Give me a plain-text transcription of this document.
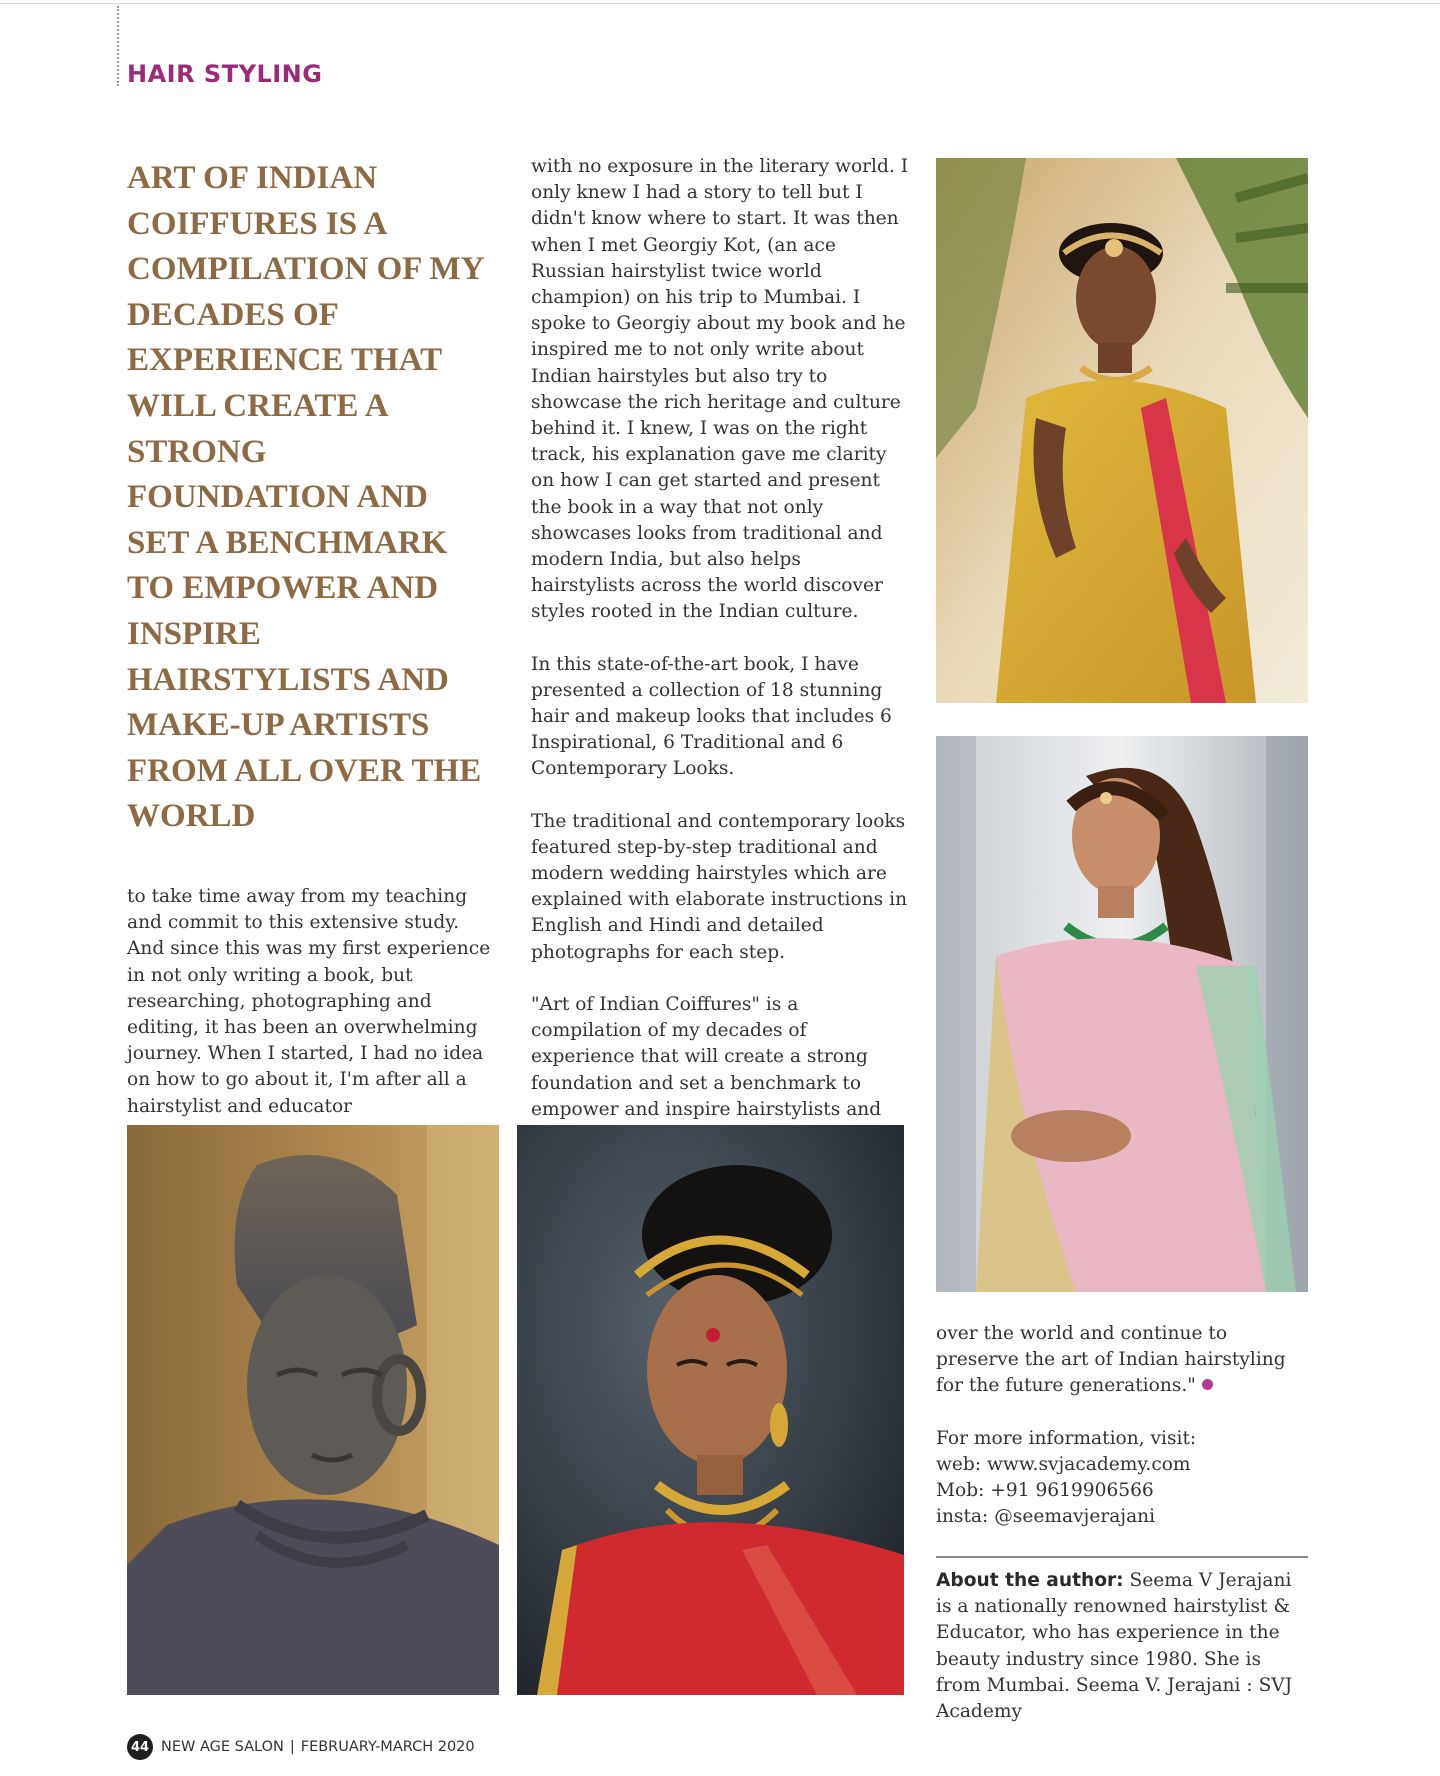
HAIR STYLING
ART OF INDIAN COIFFURES IS A COMPILATION OF MY DECADES OF EXPERIENCE THAT WILL CREATE A STRONG FOUNDATION AND SET A BENCHMARK TO EMPOWER AND INSPIRE HAIRSTYLISTS AND MAKE-UP ARTISTS FROM ALL OVER THE WORLD

to take time away from my teaching and commit to this extensive study. And since this was my first experience in not only writing a book, but researching, photographing and editing, it has been an overwhelming journey. When I started, I had no idea on how to go about it, I'm after all a hairstylist and educator

with no exposure in the literary world. I only knew I had a story to tell but I didn't know where to start. It was then when I met Georgiy Kot, (an ace Russian hairstylist twice world champion) on his trip to Mumbai. I spoke to Georgiy about my book and he inspired me to not only write about Indian hairstyles but also try to showcase the rich heritage and culture behind it. I knew, I was on the right track, his explanation gave me clarity on how I can get started and present the book in a way that not only showcases looks from traditional and modern India, but also helps hairstylists across the world discover styles rooted in the Indian culture.

In this state-of-the-art book, I have presented a collection of 18 stunning hair and makeup looks that includes 6 Inspirational, 6 Traditional and 6 Contemporary Looks.

The traditional and contemporary looks featured step-by-step traditional and modern wedding hairstyles which are explained with elaborate instructions in English and Hindi and detailed photographs for each step.

"Art of Indian Coiffures" is a compilation of my decades of experience that will create a strong foundation and set a benchmark to empower and inspire hairstylists and

over the world and continue to preserve the art of Indian hairstyling for the future generations."

For more information, visit:
web: www.svjacademy.com
Mob: +91 9619906566
insta: @seemavjerajani

About the author: Seema V Jerajani is a nationally renowned hairstylist & Educator, who has experience in the beauty industry since 1980. She is from Mumbai. Seema V. Jerajani : SVJ Academy
44 NEW AGE SALON | FEBRUARY-MARCH 2020
